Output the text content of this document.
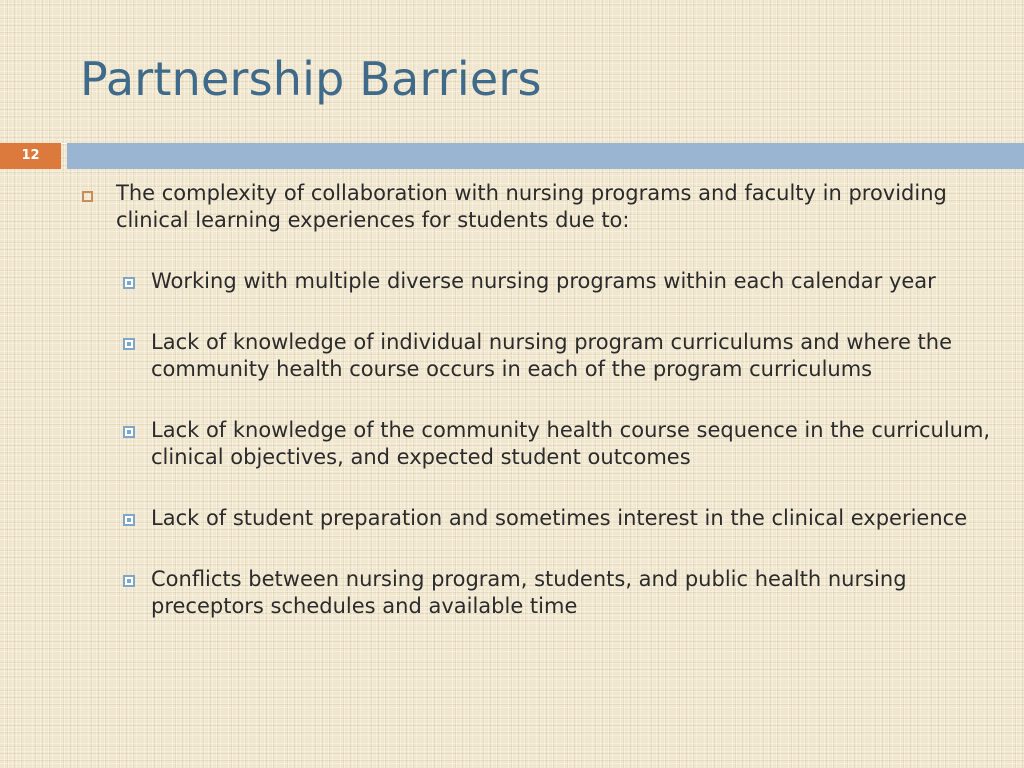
Partnership Barriers
12

The complexity of collaboration with nursing programs and faculty in providing clinical learning experiences for students due to:

Working with multiple diverse nursing programs within each calendar year
Lack of knowledge of individual nursing program curriculums and where the community health course occurs in each of the program curriculums
Lack of knowledge of the community health course sequence in the curriculum, clinical objectives, and expected student outcomes
Lack of student preparation and sometimes interest in the clinical experience
Conflicts between nursing program, students, and public health nursing preceptors schedules and available time
